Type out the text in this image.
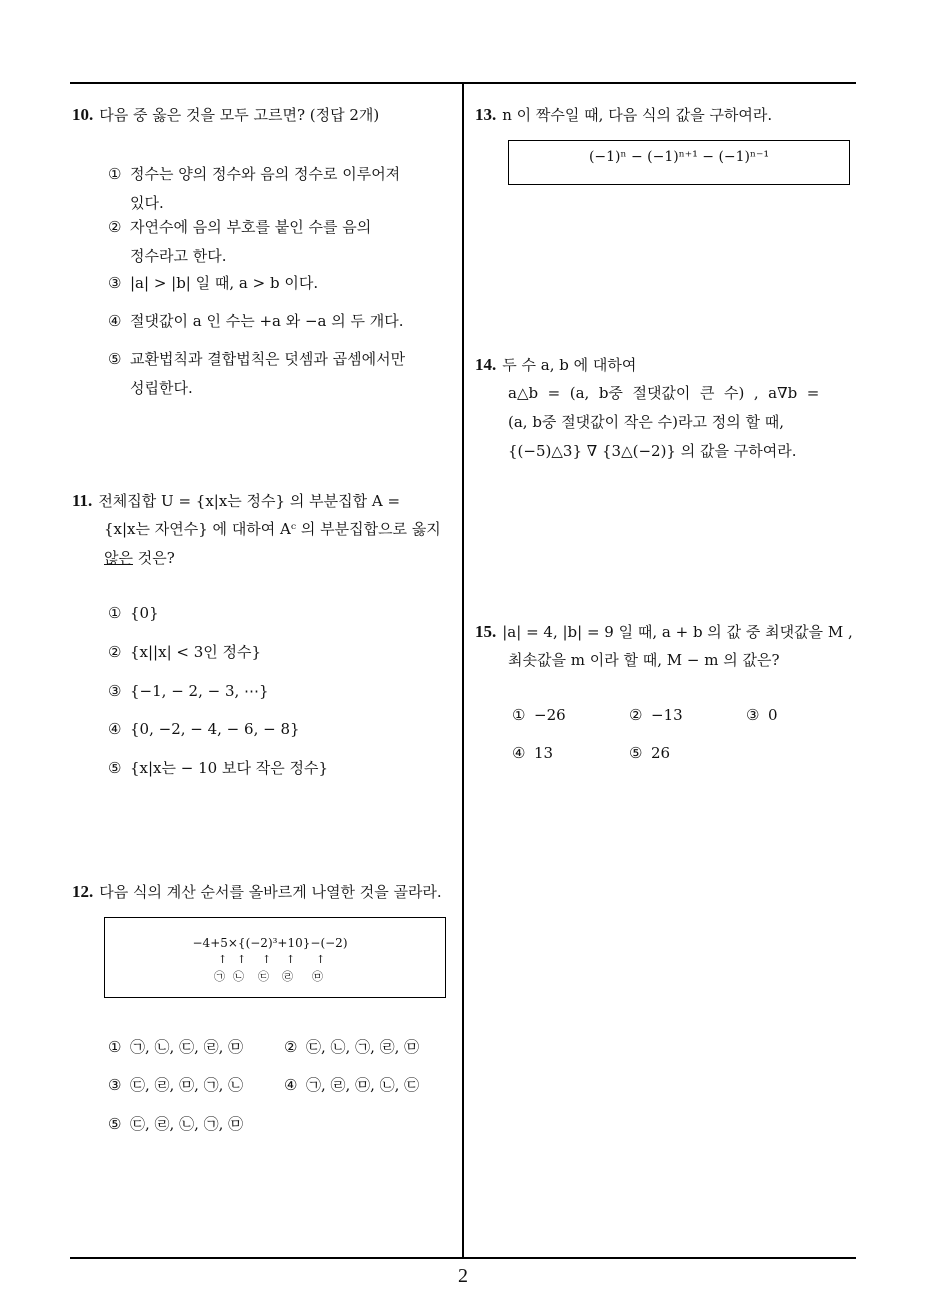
10. 다음 중 옳은 것을 모두 고르면? (정답 2개)
① 정수는 양의 정수와 음의 정수로 이루어져
있다.
② 자연수에 음의 부호를 붙인 수를 음의
정수라고 한다.
③ |a| > |b| 일 때, a > b 이다.
④ 절댓값이 a 인 수는 +a 와 −a 의 두 개다.
⑤ 교환법칙과 결합법칙은 덧셈과 곱셈에서만
성립한다.
11. 전체집합 U = {x|x는 정수} 의 부분집합 A =
{x|x는 자연수} 에 대하여 Aᶜ 의 부분집합으로 옳지
않은 것은?
① {0}
② {x||x| < 3인 정수}
③ {−1, − 2, − 3, ⋯}
④ {0, −2, − 4, − 6, − 8}
⑤ {x|x는 − 10 보다 작은 정수}
12. 다음 식의 계산 순서를 올바르게 나열한 것을 골라라.
−4+5×{(−2)³+10}−(−2)
↑ ↑ ↑ ↑ ↑
㉠ ㉡ ㉢ ㉣ ㉤
① ㉠, ㉡, ㉢, ㉣, ㉤	② ㉢, ㉡, ㉠, ㉣, ㉤
③ ㉢, ㉣, ㉤, ㉠, ㉡	④ ㉠, ㉣, ㉤, ㉡, ㉢
⑤ ㉢, ㉣, ㉡, ㉠, ㉤
13. n 이 짝수일 때, 다음 식의 값을 구하여라.
(−1)ⁿ − (−1)ⁿ⁺¹ − (−1)ⁿ⁻¹
14. 두 수 a, b 에 대하여
a△b  =  (a,  b중  절댓값이  큰  수)  ,  a∇b  =
(a, b중 절댓값이 작은 수)라고 정의 할 때,
{(−5)△3} ∇ {3△(−2)} 의 값을 구하여라.
15. |a| = 4, |b| = 9 일 때, a + b 의 값 중 최댓값을 M ,
최솟값을 m 이라 할 때, M − m 의 값은?
① −26	② −13	③ 0
④ 13	⑤ 26
2
